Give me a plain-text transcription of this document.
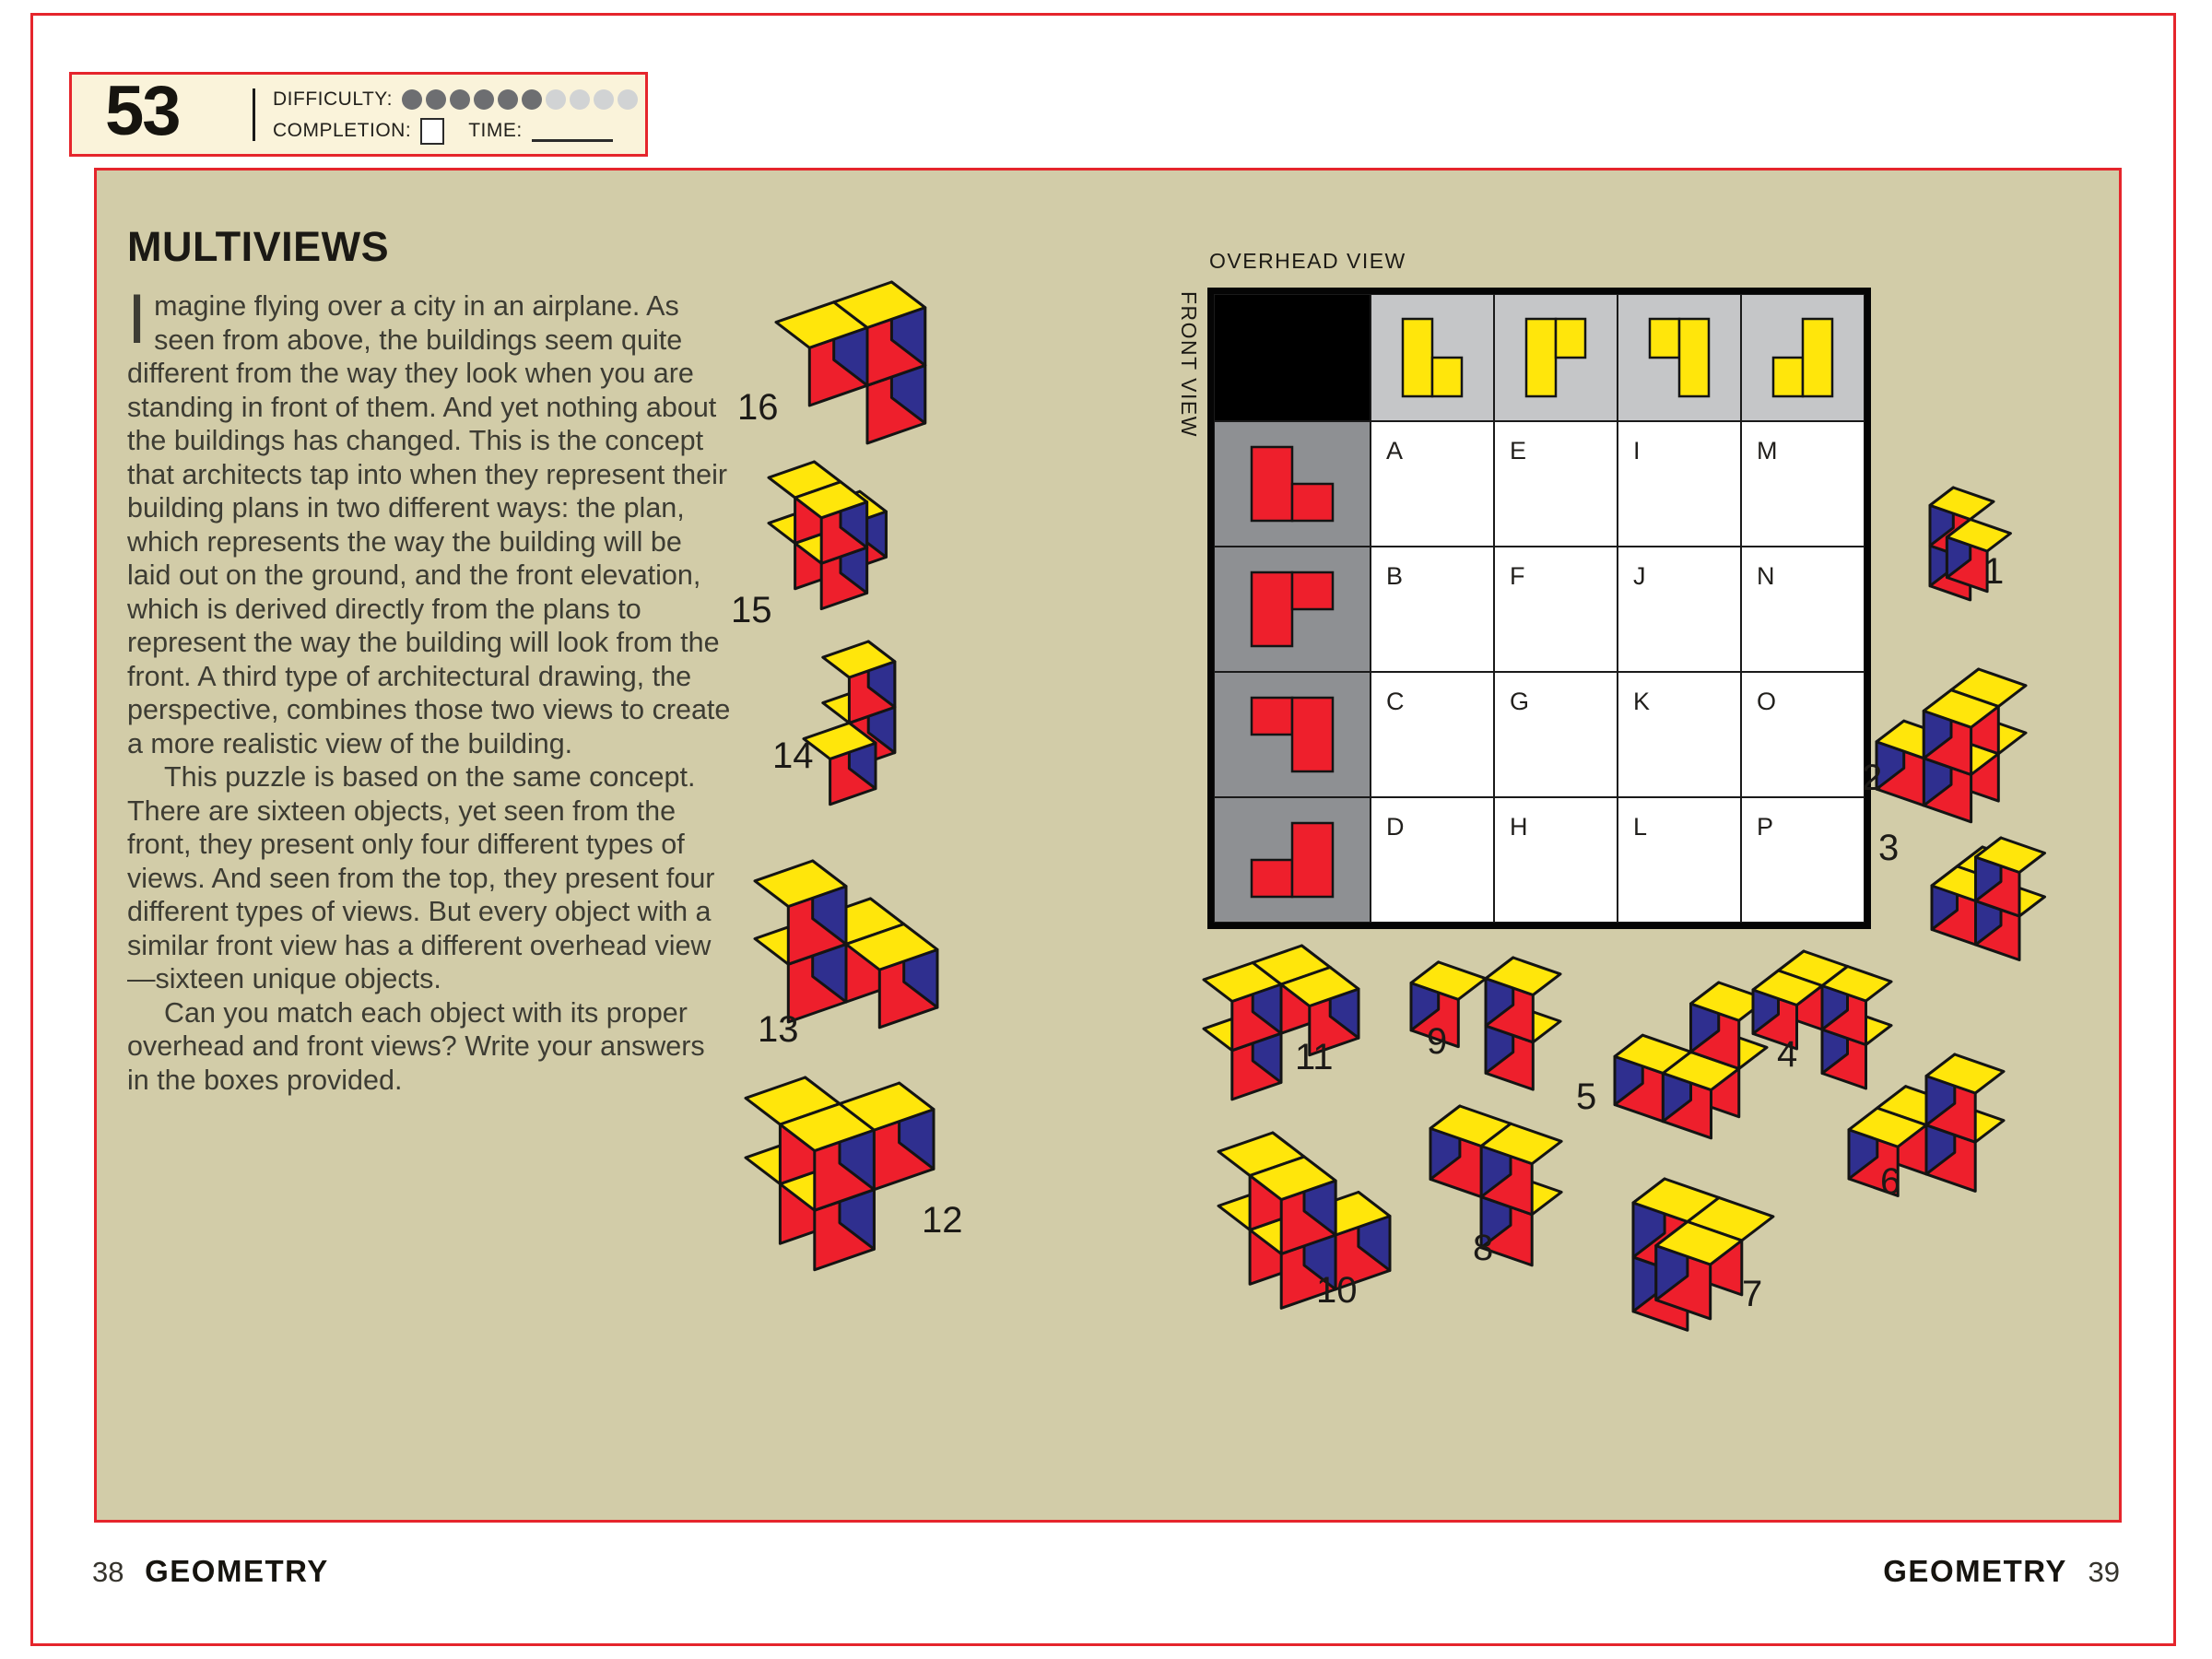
53	DIFFICULTY:
COMPLETION:	TIME:
MULTIVIEWS

Imagine flying over a city in an airplane. As seen from above, the buildings seem quite different from the way they look when you are standing in front of them. And yet nothing about the buildings has changed. This is the concept that architects tap into when they represent their building plans in two different ways: the plan, which represents the way the building will be laid out on the ground, and the front elevation, which is derived directly from the plans to represent the way the building will look from the front. A third type of architectural drawing, the perspective, combines those two views to create a more realistic view of the building.

This puzzle is based on the same concept. There are sixteen objects, yet seen from the front, they present only four different types of views. And seen from the top, they present four different types of views. But every object with a similar front view has a different overhead view—sixteen unique objects.

Can you match each object with its proper overhead and front views? Write your answers in the boxes provided.

OVERHEAD VIEW
FRONT VIEW
A	E	I	M
B	F	J	N
C	G	K	O
D	H	L	P
16
15
14
13
12
11	9
5
4
10
8
7
6
1
2
3
38 GEOMETRY	GEOMETRY 39
